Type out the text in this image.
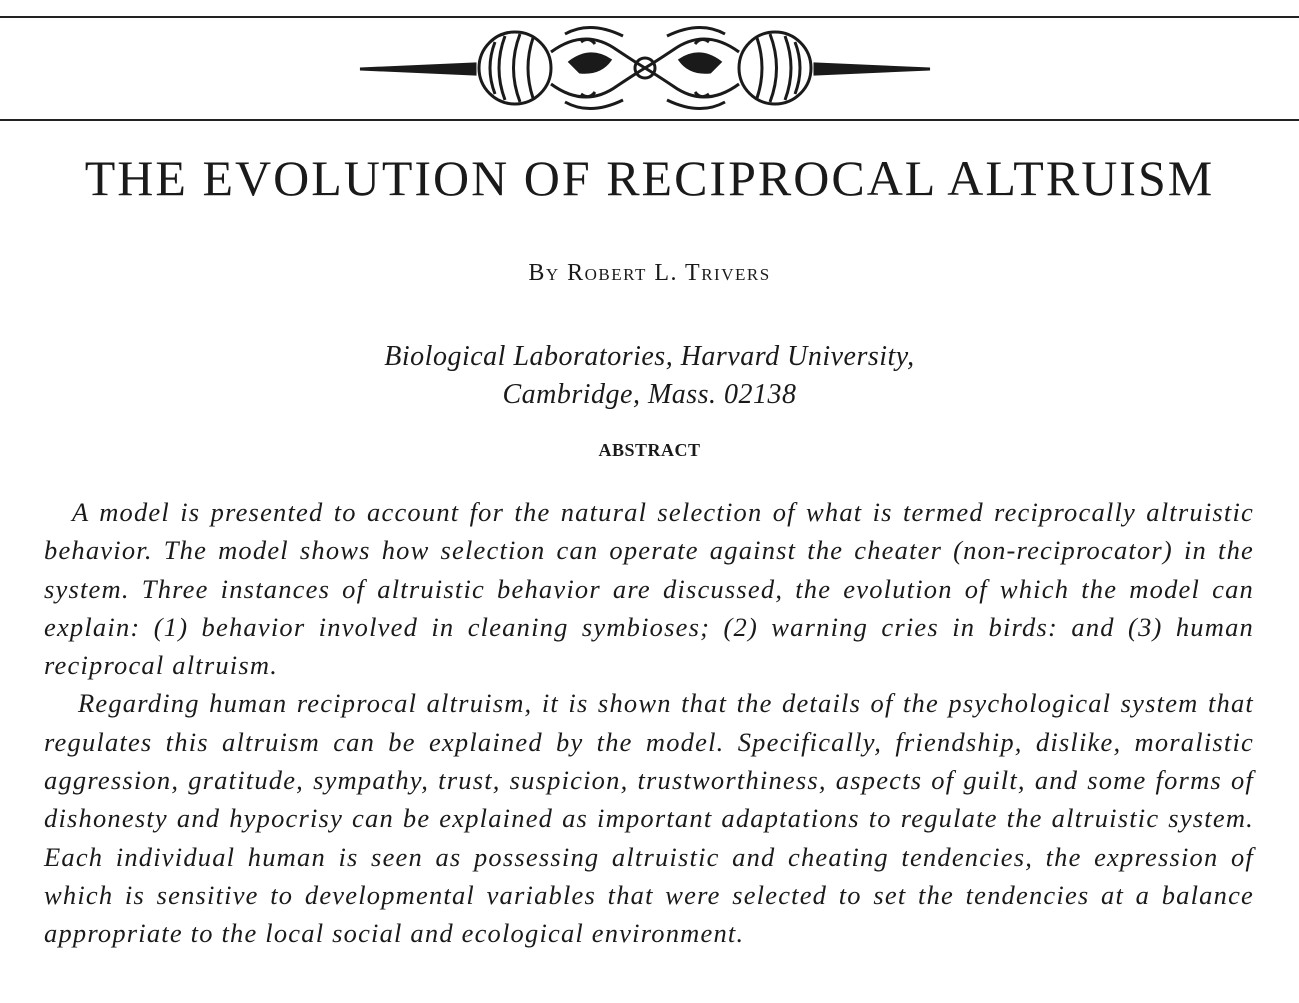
THE EVOLUTION OF RECIPROCAL ALTRUISM
By Robert L. Trivers
Biological Laboratories, Harvard University,
Cambridge, Mass. 02138
ABSTRACT

A model is presented to account for the natural selection of what is termed reciprocally altruistic behavior. The model shows how selection can operate against the cheater (non-reciprocator) in the system. Three instances of altruistic behavior are discussed, the evolution of which the model can explain: (1) behavior involved in cleaning symbioses; (2) warning cries in birds: and (3) human reciprocal altruism.

Regarding human reciprocal altruism, it is shown that the details of the psychological system that regulates this altruism can be explained by the model. Specifically, friendship, dislike, moralistic aggression, gratitude, sympathy, trust, suspicion, trustworthiness, aspects of guilt, and some forms of dishonesty and hypocrisy can be explained as important adaptations to regulate the altruistic system. Each individual human is seen as possessing altruistic and cheating tendencies, the expression of which is sensitive to developmental variables that were selected to set the tendencies at a balance appropriate to the local social and ecological environment.
